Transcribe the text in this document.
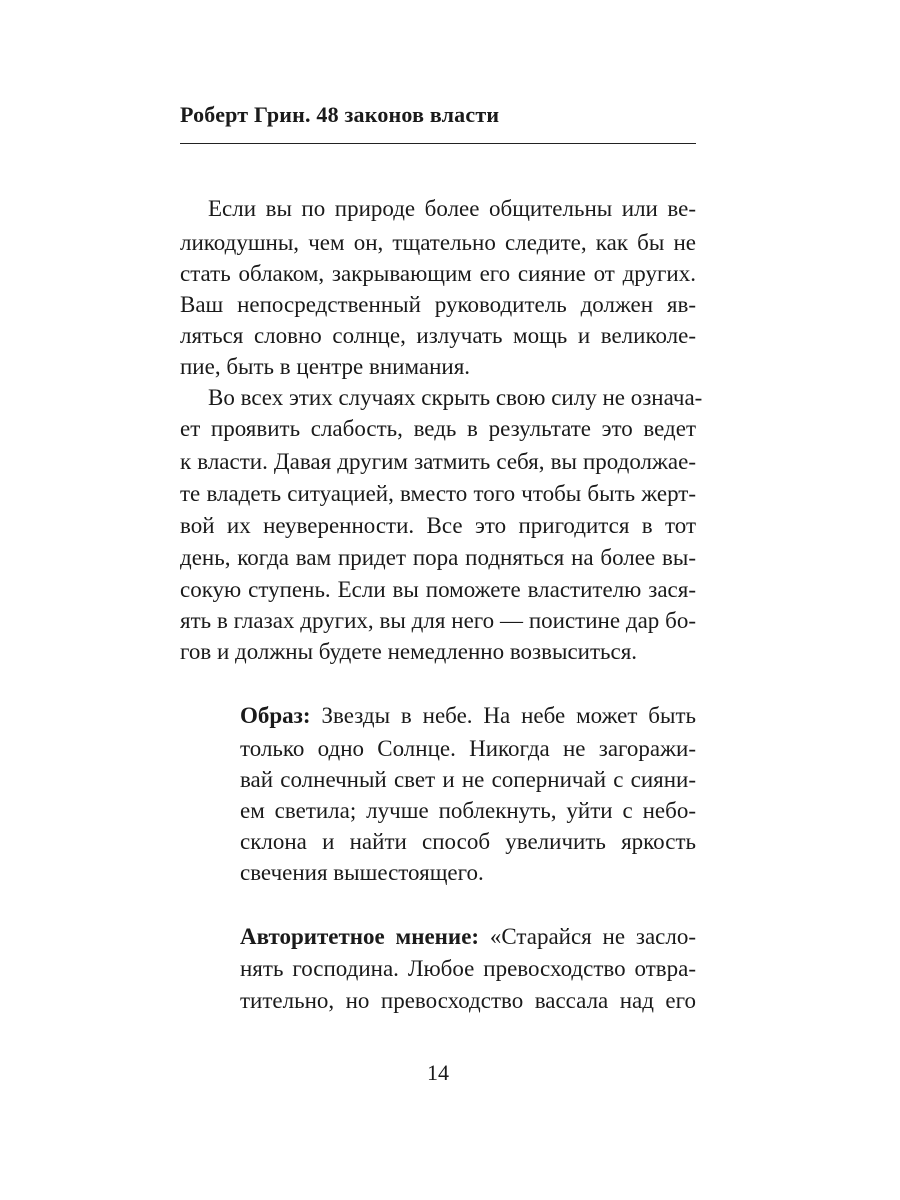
Роберт Грин. 48 законов власти
Если вы по природе более общительны или ве-
ликодушны, чем он, тщательно следите, как бы не
стать облаком, закрывающим его сияние от других.
Ваш непосредственный руководитель должен яв-
ляться словно солнце, излучать мощь и великоле-
пие, быть в центре внимания.
Во всех этих случаях скрыть свою силу не означа-
ет проявить слабость, ведь в результате это ведет
к власти. Давая другим затмить себя, вы продолжае-
те владеть ситуацией, вместо того чтобы быть жерт-
вой их неуверенности. Все это пригодится в тот
день, когда вам придет пора подняться на более вы-
сокую ступень. Если вы поможете властителю зася-
ять в глазах других, вы для него — поистине дар бо-
гов и должны будете немедленно возвыситься.
Образ: Звезды в небе. На небе может быть
только одно Солнце. Никогда не загоражи-
вай солнечный свет и не соперничай с сияни-
ем светила; лучше поблекнуть, уйти с небо-
склона и найти способ увеличить яркость
свечения вышестоящего.
Авторитетное мнение: «Старайся не засло-
нять господина. Любое превосходство отвра-
тительно, но превосходство вассала над его
14
